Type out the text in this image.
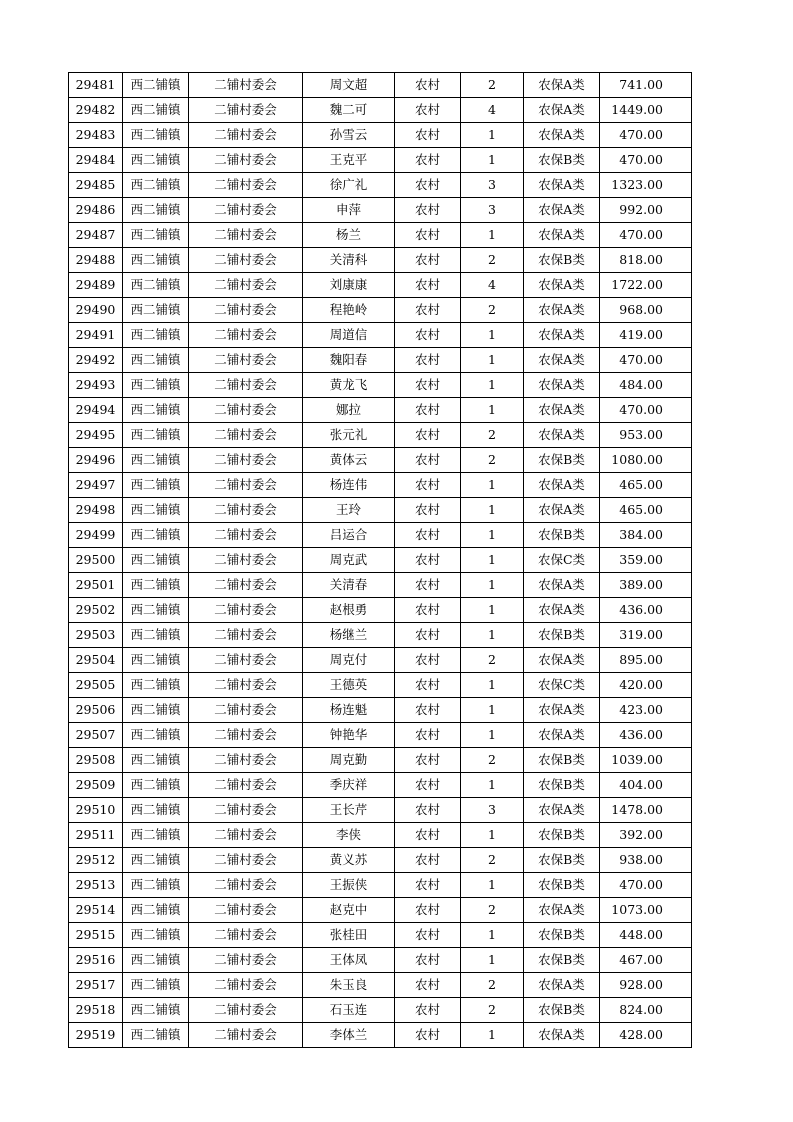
29481	西二铺镇	二铺村委会	周文超	农村	2	农保A类	741.00
29482	西二铺镇	二铺村委会	魏二可	农村	4	农保A类	1449.00
29483	西二铺镇	二铺村委会	孙雪云	农村	1	农保A类	470.00
29484	西二铺镇	二铺村委会	王克平	农村	1	农保B类	470.00
29485	西二铺镇	二铺村委会	徐广礼	农村	3	农保A类	1323.00
29486	西二铺镇	二铺村委会	申萍	农村	3	农保A类	992.00
29487	西二铺镇	二铺村委会	杨兰	农村	1	农保A类	470.00
29488	西二铺镇	二铺村委会	关清科	农村	2	农保B类	818.00
29489	西二铺镇	二铺村委会	刘康康	农村	4	农保A类	1722.00
29490	西二铺镇	二铺村委会	程艳岭	农村	2	农保A类	968.00
29491	西二铺镇	二铺村委会	周道信	农村	1	农保A类	419.00
29492	西二铺镇	二铺村委会	魏阳春	农村	1	农保A类	470.00
29493	西二铺镇	二铺村委会	黄龙飞	农村	1	农保A类	484.00
29494	西二铺镇	二铺村委会	娜拉	农村	1	农保A类	470.00
29495	西二铺镇	二铺村委会	张元礼	农村	2	农保A类	953.00
29496	西二铺镇	二铺村委会	黄体云	农村	2	农保B类	1080.00
29497	西二铺镇	二铺村委会	杨连伟	农村	1	农保A类	465.00
29498	西二铺镇	二铺村委会	王玲	农村	1	农保A类	465.00
29499	西二铺镇	二铺村委会	吕运合	农村	1	农保B类	384.00
29500	西二铺镇	二铺村委会	周克武	农村	1	农保C类	359.00
29501	西二铺镇	二铺村委会	关清春	农村	1	农保A类	389.00
29502	西二铺镇	二铺村委会	赵根勇	农村	1	农保A类	436.00
29503	西二铺镇	二铺村委会	杨继兰	农村	1	农保B类	319.00
29504	西二铺镇	二铺村委会	周克付	农村	2	农保A类	895.00
29505	西二铺镇	二铺村委会	王德英	农村	1	农保C类	420.00
29506	西二铺镇	二铺村委会	杨连魁	农村	1	农保A类	423.00
29507	西二铺镇	二铺村委会	钟艳华	农村	1	农保A类	436.00
29508	西二铺镇	二铺村委会	周克勤	农村	2	农保B类	1039.00
29509	西二铺镇	二铺村委会	季庆祥	农村	1	农保B类	404.00
29510	西二铺镇	二铺村委会	王长芹	农村	3	农保A类	1478.00
29511	西二铺镇	二铺村委会	李侠	农村	1	农保B类	392.00
29512	西二铺镇	二铺村委会	黄义苏	农村	2	农保B类	938.00
29513	西二铺镇	二铺村委会	王振侠	农村	1	农保B类	470.00
29514	西二铺镇	二铺村委会	赵克中	农村	2	农保A类	1073.00
29515	西二铺镇	二铺村委会	张桂田	农村	1	农保B类	448.00
29516	西二铺镇	二铺村委会	王体凤	农村	1	农保B类	467.00
29517	西二铺镇	二铺村委会	朱玉良	农村	2	农保A类	928.00
29518	西二铺镇	二铺村委会	石玉连	农村	2	农保B类	824.00
29519	西二铺镇	二铺村委会	李体兰	农村	1	农保A类	428.00
